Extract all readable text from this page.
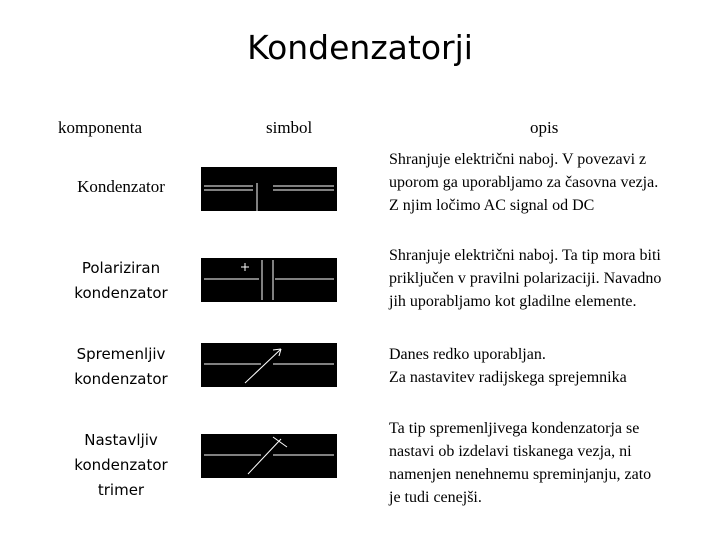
Kondenzatorji
komponenta	simbol	opis
Kondenzator
Shranjuje električni naboj. V povezavi z
uporom ga uporabljamo za časovna vezja.
Z njim ločimo AC signal od DC
Polariziran
kondenzator
Shranjuje električni naboj. Ta tip mora biti
priključen v pravilni polarizaciji. Navadno
jih uporabljamo kot gladilne elemente.
Spremenljiv
kondenzator
Danes redko uporabljan.
Za nastavitev radijskega sprejemnika
Nastavljiv
kondenzator
trimer
Ta tip spremenljivega kondenzatorja se
nastavi ob izdelavi tiskanega vezja, ni
namenjen nenehnemu spreminjanju, zato
je tudi cenejši.
